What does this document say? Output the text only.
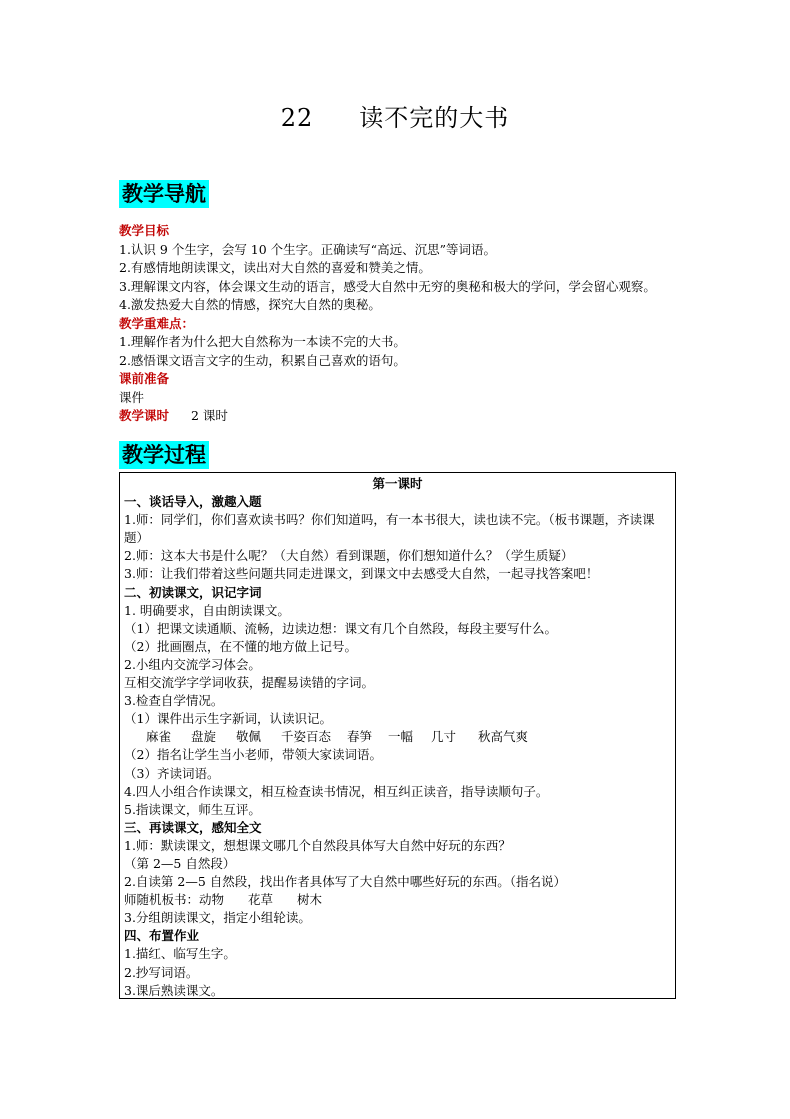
22 读不完的大书
教学导航
教学目标
1.认识 9 个生字，会写 10 个生字。正确读写“高远、沉思”等词语。
2.有感情地朗读课文，读出对大自然的喜爱和赞美之情。
3.理解课文内容，体会课文生动的语言，感受大自然中无穷的奥秘和极大的学问，学会留心观察。
4.激发热爱大自然的情感，探究大自然的奥秘。
教学重难点：
1.理解作者为什么把大自然称为一本读不完的大书。
2.感悟课文语言文字的生动，积累自己喜欢的语句。
课前准备
课件
教学课时 2 课时
教学过程
第一课时
一、谈话导入，激趣入题
1.师：同学们，你们喜欢读书吗？你们知道吗，有一本书很大，读也读不完。（板书课题，齐读课题）
2.师：这本大书是什么呢？（大自然）看到课题，你们想知道什么？（学生质疑）
3.师：让我们带着这些问题共同走进课文，到课文中去感受大自然，一起寻找答案吧！
二、初读课文，识记字词
1. 明确要求，自由朗读课文。
（1）把课文读通顺、流畅，边读边想：课文有几个自然段，每段主要写什么。
（2）批画圈点，在不懂的地方做上记号。
2.小组内交流学习体会。
互相交流学字学词收获，提醒易读错的字词。
3.检查自学情况。
（1）课件出示生字新词，认读识记。
麻雀 盘旋 敬佩 千姿百态 春笋 一幅 几寸 秋高气爽
（2）指名让学生当小老师，带领大家读词语。
（3）齐读词语。
4.四人小组合作读课文，相互检查读书情况，相互纠正读音，指导读顺句子。
5.指读课文，师生互评。
三、再读课文，感知全文
1.师：默读课文，想想课文哪几个自然段具体写大自然中好玩的东西？
（第 2—5 自然段）
2.自读第 2—5 自然段，找出作者具体写了大自然中哪些好玩的东西。（指名说）
师随机板书：动物 花草 树木
3.分组朗读课文，指定小组轮读。
四、布置作业
1.描红、临写生字。
2.抄写词语。
3.课后熟读课文。
